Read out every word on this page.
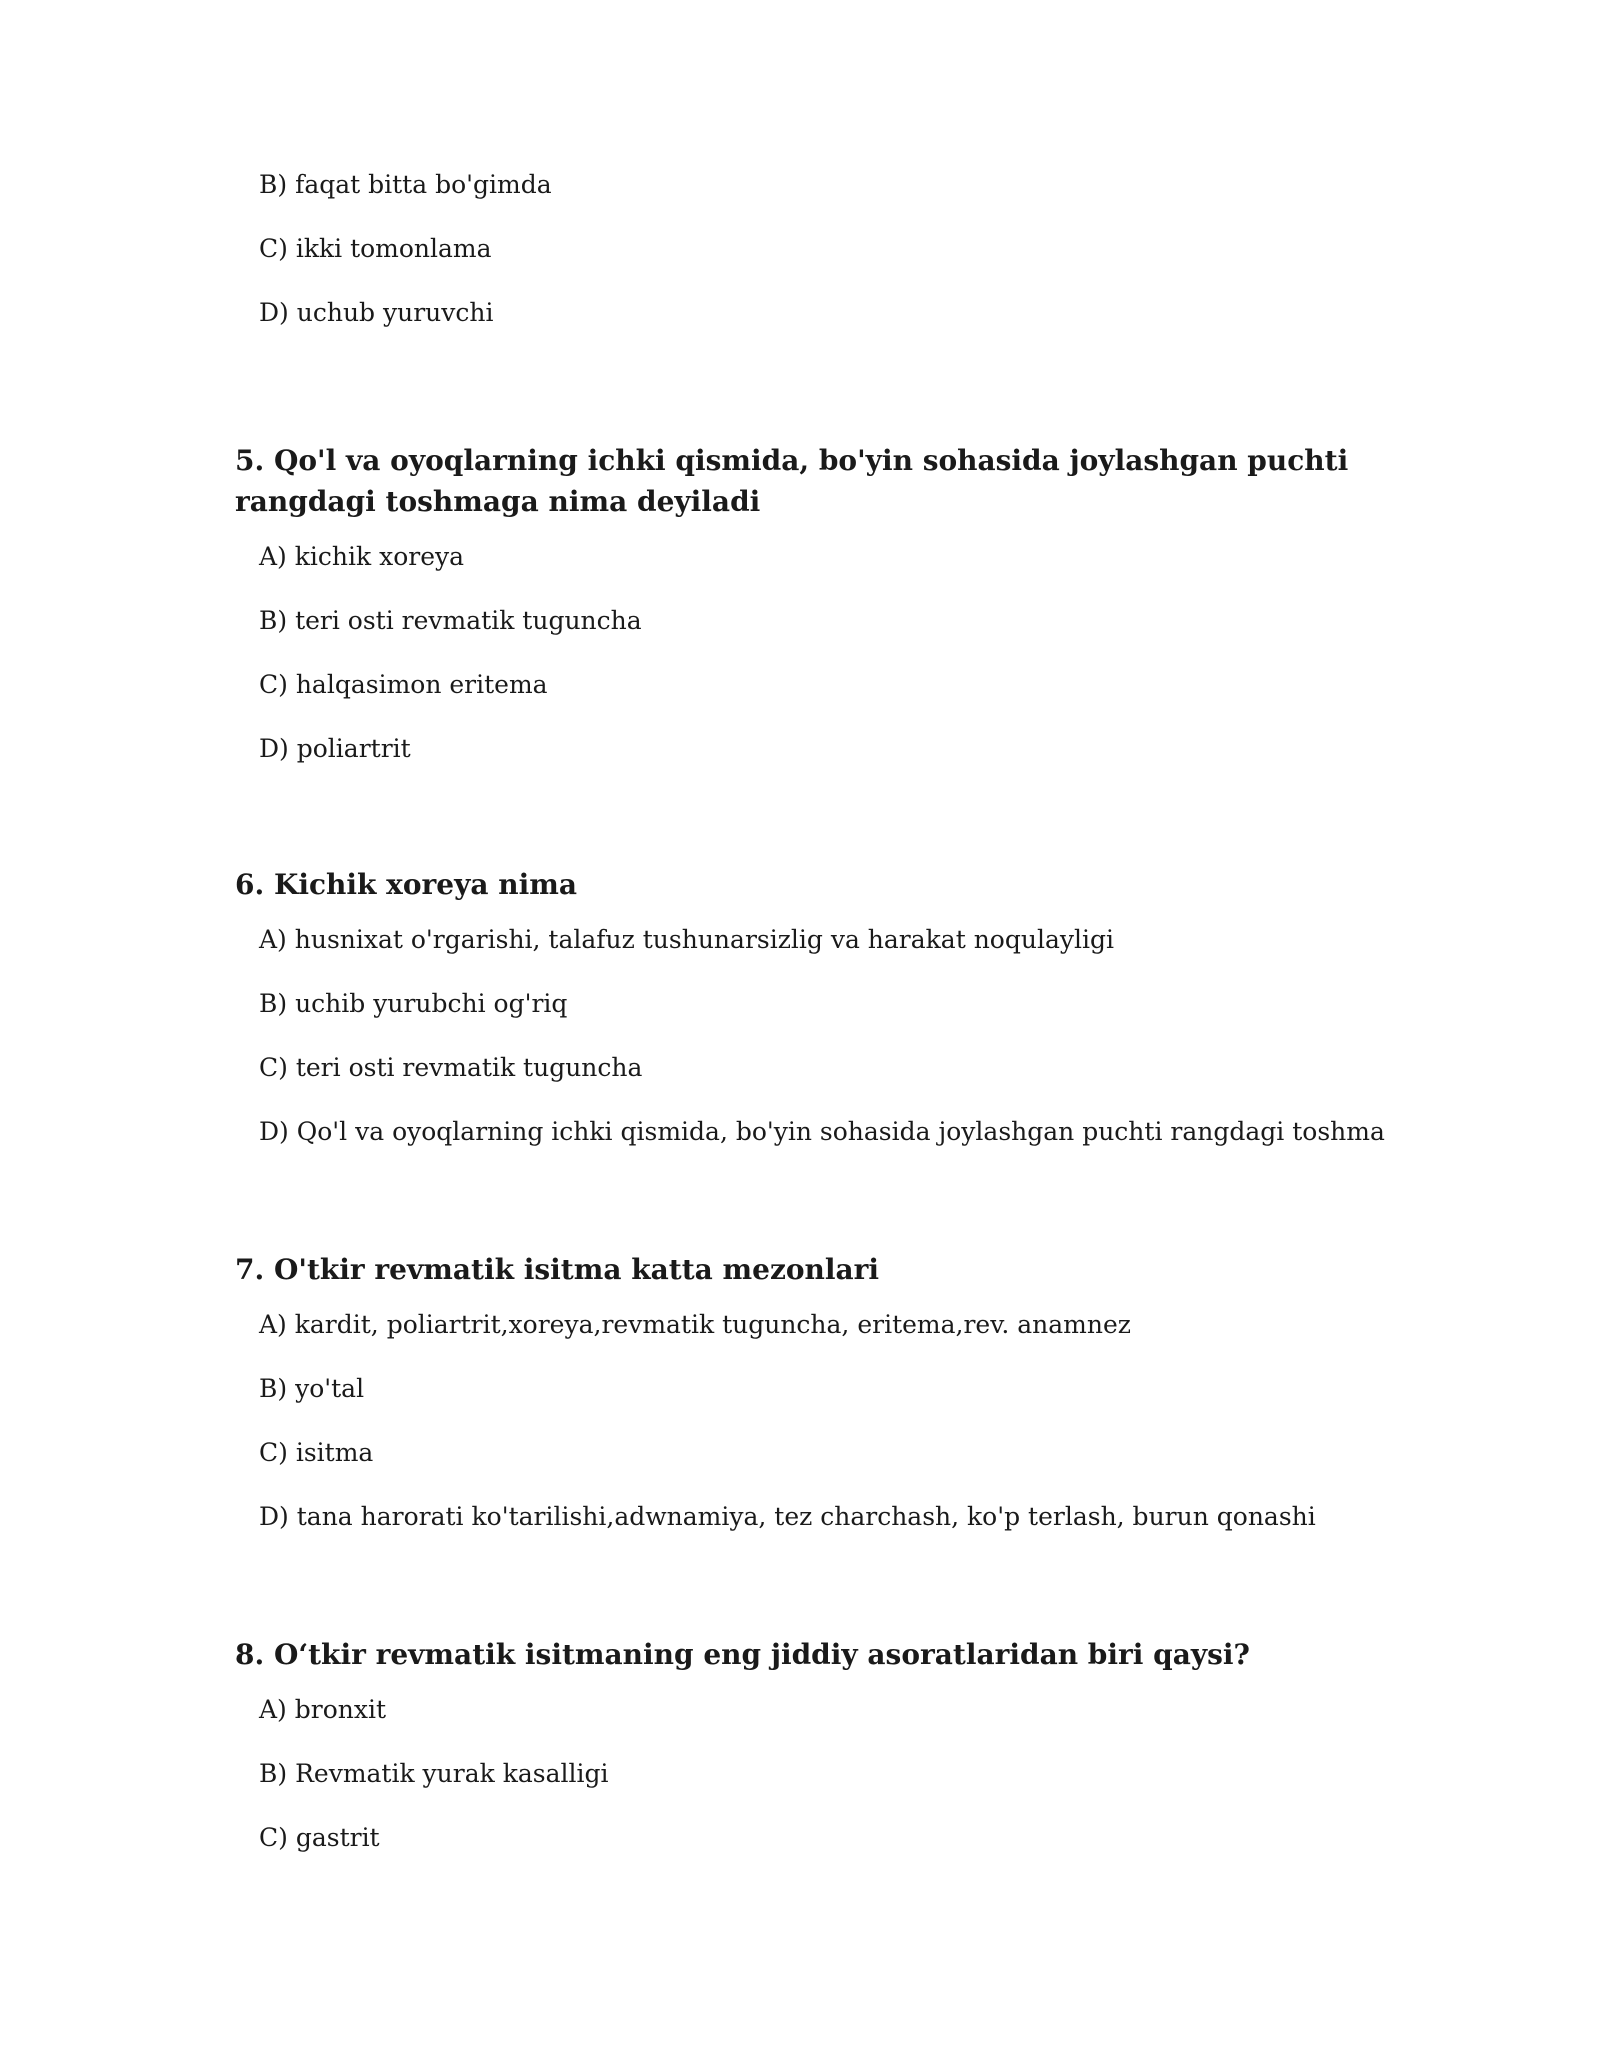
B) faqat bitta bo'gimda
C) ikki tomonlama
D) uchub yuruvchi
5. Qo'l va oyoqlarning ichki qismida, bo'yin sohasida joylashgan puchti rangdagi toshmaga nima deyiladi
A) kichik xoreya
B) teri osti revmatik tuguncha
C) halqasimon eritema
D) poliartrit
6. Kichik xoreya nima
A) husnixat o'rgarishi, talafuz tushunarsizlig va harakat noqulayligi
B) uchib yurubchi og'riq
C) teri osti revmatik tuguncha
D) Qo'l va oyoqlarning ichki qismida, bo'yin sohasida joylashgan puchti rangdagi toshma
7. O'tkir revmatik isitma katta mezonlari
A) kardit, poliartrit,xoreya,revmatik tuguncha, eritema,rev. anamnez
B) yo'tal
C) isitma
D) tana harorati ko'tarilishi,adwnamiya, tez charchash, ko'p terlash, burun qonashi
8. O‘tkir revmatik isitmaning eng jiddiy asoratlaridan biri qaysi?
A) bronxit
B) Revmatik yurak kasalligi
C) gastrit
